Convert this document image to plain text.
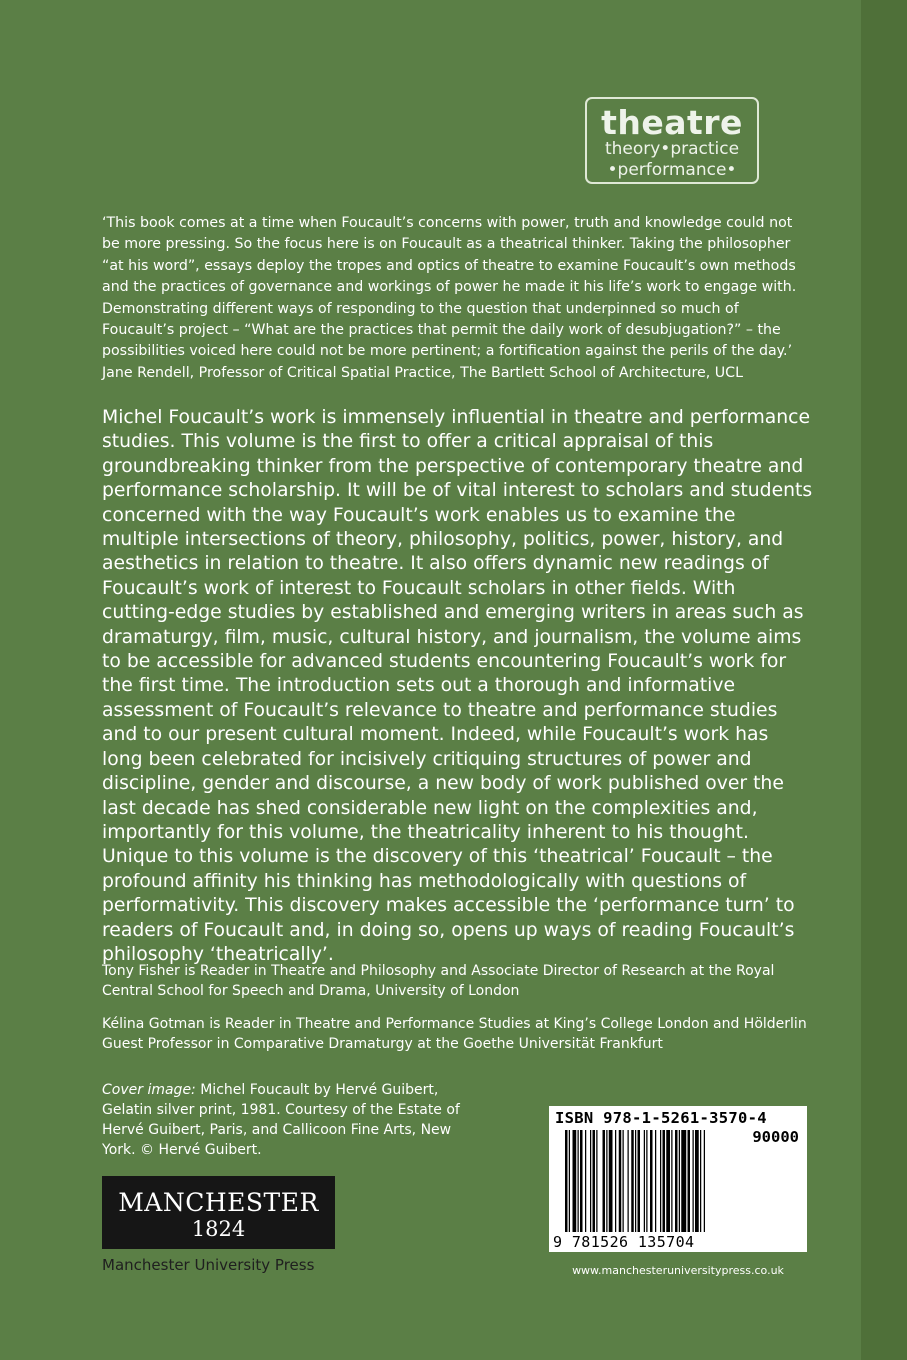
theatre
theory•practice
•performance•

‘This book comes at a time when Foucault’s concerns with power, truth and knowledge could not be more pressing. So the focus here is on Foucault as a theatrical thinker. Taking the philosopher “at his word”, essays deploy the tropes and optics of theatre to examine Foucault’s own methods and the practices of governance and workings of power he made it his life’s work to engage with. Demonstrating different ways of responding to the question that underpinned so much of Foucault’s project – “What are the practices that permit the daily work of desubjugation?” – the possibilities voiced here could not be more pertinent; a fortification against the perils of the day.’

Jane Rendell, Professor of Critical Spatial Practice, The Bartlett School of Architecture, UCL

Michel Foucault’s work is immensely influential in theatre and performance studies. This volume is the first to offer a critical appraisal of this groundbreaking thinker from the perspective of contemporary theatre and performance scholarship. It will be of vital interest to scholars and students concerned with the way Foucault’s work enables us to examine the multiple intersections of theory, philosophy, politics, power, history, and aesthetics in relation to theatre. It also offers dynamic new readings of Foucault’s work of interest to Foucault scholars in other fields. With cutting-edge studies by established and emerging writers in areas such as dramaturgy, film, music, cultural history, and journalism, the volume aims to be accessible for advanced students encountering Foucault’s work for the first time. The introduction sets out a thorough and informative assessment of Foucault’s relevance to theatre and performance studies and to our present cultural moment. Indeed, while Foucault’s work has long been celebrated for incisively critiquing structures of power and discipline, gender and discourse, a new body of work published over the last decade has shed considerable new light on the complexities and, importantly for this volume, the theatricality inherent to his thought. Unique to this volume is the discovery of this ‘theatrical’ Foucault – the profound affinity his thinking has methodologically with questions of performativity. This discovery makes accessible the ‘performance turn’ to readers of Foucault and, in doing so, opens up ways of reading Foucault’s philosophy ‘theatrically’.

Tony Fisher is Reader in Theatre and Philosophy and Associate Director of Research at the Royal Central School for Speech and Drama, University of London

Kélina Gotman is Reader in Theatre and Performance Studies at King’s College London and Hölderlin Guest Professor in Comparative Dramaturgy at the Goethe Universität Frankfurt

Cover image: Michel Foucault by Hervé Guibert, Gelatin silver print, 1981. Courtesy of the Estate of Hervé Guibert, Paris, and Callicoon Fine Arts, New York. © Hervé Guibert.

MANCHESTER
1824
Manchester University Press
ISBN 978-1-5261-3570-4
90000
9 781526 135704
www.manchesteruniversitypress.co.uk
